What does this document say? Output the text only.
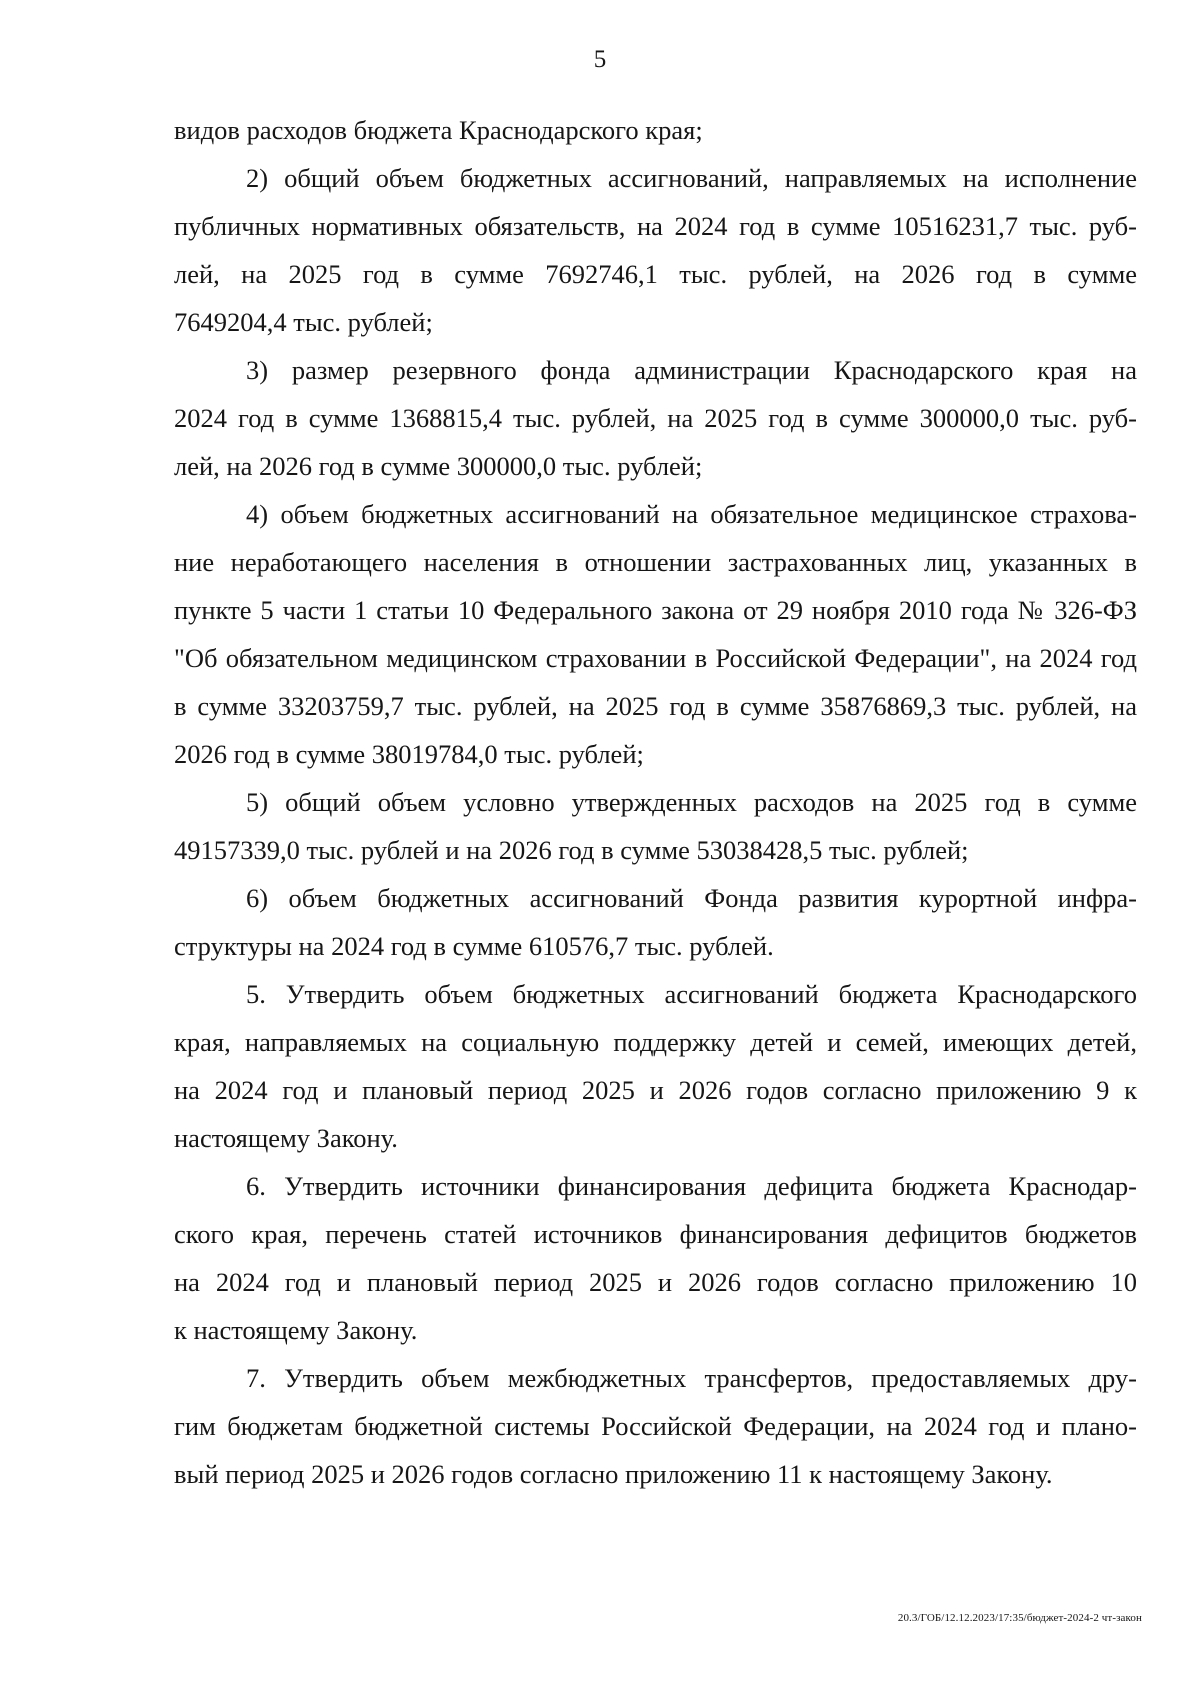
5
видов расходов бюджета Краснодарского края;
2) общий объем бюджетных ассигнований, направляемых на исполнение
публичных нормативных обязательств, на 2024 год в сумме 10516231,7 тыс. руб-
лей, на 2025 год в сумме 7692746,1 тыс. рублей, на 2026 год в сумме
7649204,4 тыс. рублей;
3) размер резервного фонда администрации Краснодарского края на
2024 год в сумме 1368815,4 тыс. рублей, на 2025 год в сумме 300000,0 тыс. руб-
лей, на 2026 год в сумме 300000,0 тыс. рублей;
4) объем бюджетных ассигнований на обязательное медицинское страхова-
ние неработающего населения в отношении застрахованных лиц, указанных в
пункте 5 части 1 статьи 10 Федерального закона от 29 ноября 2010 года № 326-ФЗ
"Об обязательном медицинском страховании в Российской Федерации", на 2024 год
в сумме 33203759,7 тыс. рублей, на 2025 год в сумме 35876869,3 тыс. рублей, на
2026 год в сумме 38019784,0 тыс. рублей;
5) общий объем условно утвержденных расходов на 2025 год в сумме
49157339,0 тыс. рублей и на 2026 год в сумме 53038428,5 тыс. рублей;
6) объем бюджетных ассигнований Фонда развития курортной инфра-
структуры на 2024 год в сумме 610576,7 тыс. рублей.
5. Утвердить объем бюджетных ассигнований бюджета Краснодарского
края, направляемых на социальную поддержку детей и семей, имеющих детей,
на 2024 год и плановый период 2025 и 2026 годов согласно приложению 9 к
настоящему Закону.
6. Утвердить источники финансирования дефицита бюджета Краснодар-
ского края, перечень статей источников финансирования дефицитов бюджетов
на 2024 год и плановый период 2025 и 2026 годов согласно приложению 10
к настоящему Закону.
7. Утвердить объем межбюджетных трансфертов, предоставляемых дру-
гим бюджетам бюджетной системы Российской Федерации, на 2024 год и плано-
вый период 2025 и 2026 годов согласно приложению 11 к настоящему Закону.
20.3/ГОБ/12.12.2023/17:35/бюджет-2024-2 чт-закон
